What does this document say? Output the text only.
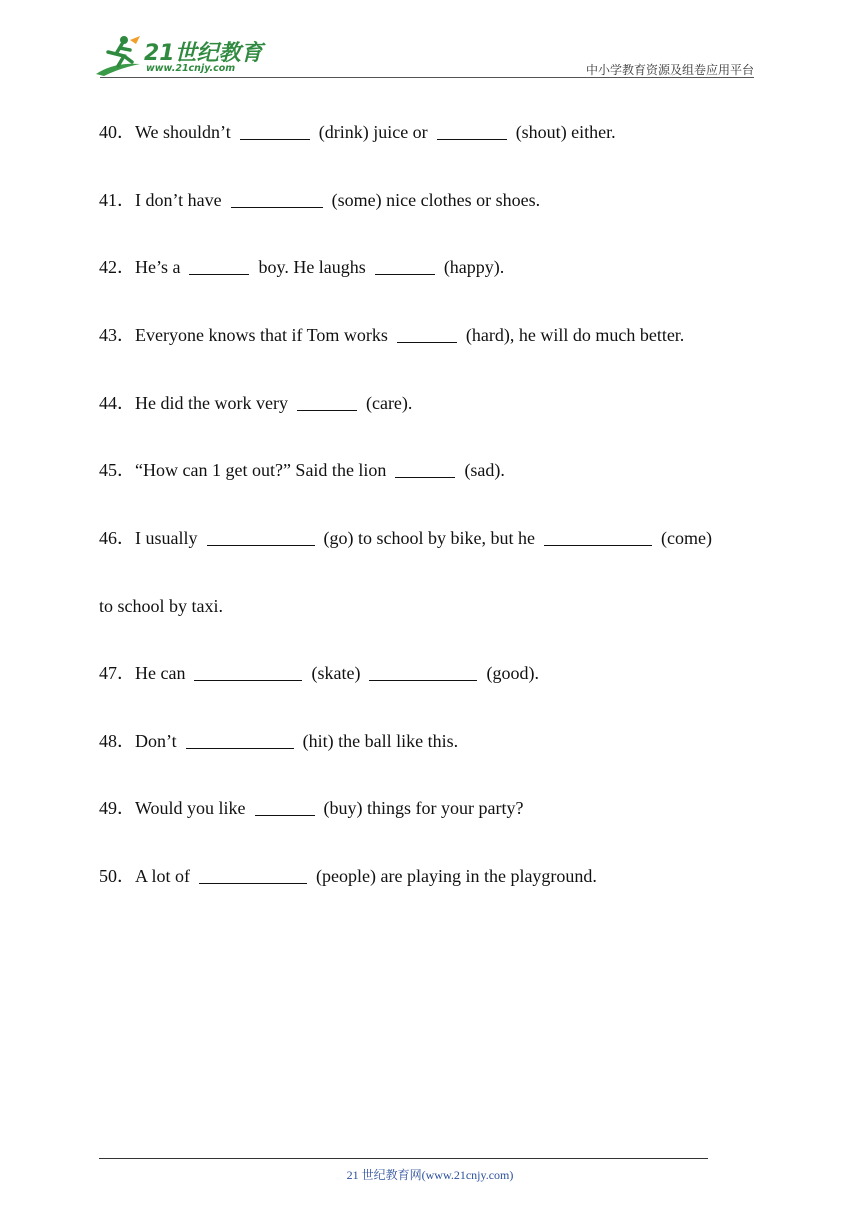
21世纪教育
www.21cnjy.com	中小学教育资源及组卷应用平台
40．We shouldn’t	(drink) juice or	(shout) either.
41．I don’t have	(some) nice clothes or shoes.
42．He’s a	boy. He laughs	(happy).
43．Everyone knows that if Tom works	(hard), he will do much better.
44．He did the work very	(care).
45．“How can 1 get out?” Said the lion	(sad).
46．I usually	(go) to school by bike, but he	(come)
to school by taxi.
47．He can	(skate)	(good).
48．Don’t	(hit) the ball like this.
49．Would you like	(buy) things for your party?
50．A lot of	(people) are playing in the playground.
21 世纪教育网(www.21cnjy.com)
